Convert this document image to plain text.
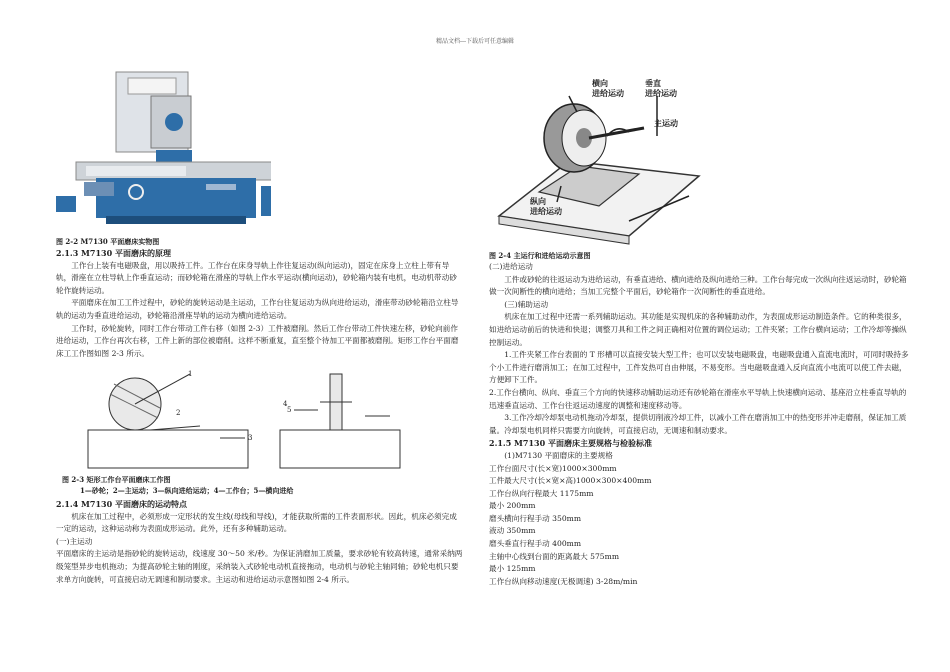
精品文档---下载后可任意编辑
横向
进给运动
垂直
进给运动
主运动
纵向
进给运动

图 2-2 M7130 平面磨床实物图

2.1.3 M7130 平面磨床的原理

工作台上装有电磁吸盘，用以吸持工件。工作台在床身导轨上作往复运动(纵向运动)，固定在床身上立柱上带有导轨，滑座在立柱导轨上作垂直运动；而砂轮箱在滑座的导轨上作水平运动(横向运动)，砂轮箱内装有电机，电动机带动砂轮作旋转运动。

平面磨床在加工工件过程中，砂轮的旋转运动是主运动，工作台往复运动为纵向进给运动，滑座带动砂轮箱沿立柱导轨的运动为垂直进给运动，砂轮箱沿滑座导轨的运动为横向进给运动。

工作时，砂轮旋转，同时工作台带动工件右移（如图 2-3）工件被磨削。然后工作台带动工件快速左移，砂轮向前作进给运动，工作台再次右移，工件上新的部位被磨削。这样不断重复，直至整个待加工平面都被磨削。矩形工作台平面磨床工工作图如图 2-3 所示。

1
2
3
4
5

图 2-3 矩形工作台平面磨床工作图

1—砂轮；2—主运动；3—纵向进给运动；4—工作台；5—横向进给

2.1.4 M7130 平面磨床的运动特点

机床在加工过程中，必须形成一定形状的发生线(母线和导线)，才能获取所需的工件表面形状。因此，机床必须完成一定的运动，这种运动称为表面成形运动。此外，还有多种辅助运动。

(一)主运动

平面磨床的主运动是指砂轮的旋转运动，线速度 30～50 米/秒。为保证消磨加工质量，要求砂轮有较高转速，通常采纳两级笼型异步电机拖动；为提高砂轮主轴的刚度，采纳装入式砂轮电动机直接拖动，电动机与砂轮主轴同轴；砂轮电机只要求单方向旋转，可直接启动无调速和制动要求。主运动和进给运动示意图如图 2-4 所示。

图 2-4 主运行和进给运动示意图

(二)进给运动

工件或砂轮的往返运动为进给运动，有垂直进给、横向进给及纵向进给三种。工作台每完成一次纵向往返运动时，砂轮箱做一次间断性的横向进给；当加工完整个平面后，砂轮箱作一次间断性的垂直进给。

(三)辅助运动

机床在加工过程中还需一系列辅助运动。其功能是实现机床的各种辅助动作，为表面成形运动制造条件。它的种类很多，如进给运动前后的快进和快退；调整刀具和工件之间正确相对位置的调位运动；工件夹紧；工作台横向运动；工作冷却等操纵控制运动。

1.工件夹紧工作台表面的 T 形槽可以直接安装大型工件；也可以安装电磁吸盘，电磁吸盘通入直流电流时，可同时吸持多个小工件进行磨消加工；在加工过程中，工件发热可自由伸展，不易变形。当电磁吸盘通入反向直流小电流可以使工件去磁，方便卸下工件。

2.工作台横向、纵向、垂直三个方向的快速移动辅助运动还有砂轮箱在滑座水平导轨上快速横向运动、基座沿立柱垂直导轨的迅速垂直运动、工作台往返运动速度的调整和速度移动等。

3.工作冷却冷却泵电动机拖动冷却泵，提供切削液冷却工件，以减小工件在磨消加工中的热变形并冲走磨削，保证加工质量。冷却泵电机同样只需要方向旋转，可直接启动，无调速和制动要求。

2.1.5 M7130 平面磨床主要规格与检验标准

(1)M7130 平面磨床的主要规格

工作台面尺寸(长×宽)1000×300mm

工件最大尺寸(长×宽×高)1000×300×400mm

工作台纵向行程最大 1175mm

最小 200mm

磨头横向行程手动 350mm

液动 350mm

磨头垂直行程手动 400mm

主轴中心线到台面的距离最大 575mm

最小 125mm

工作台纵向移动速度(无极调速) 3-28m/min
